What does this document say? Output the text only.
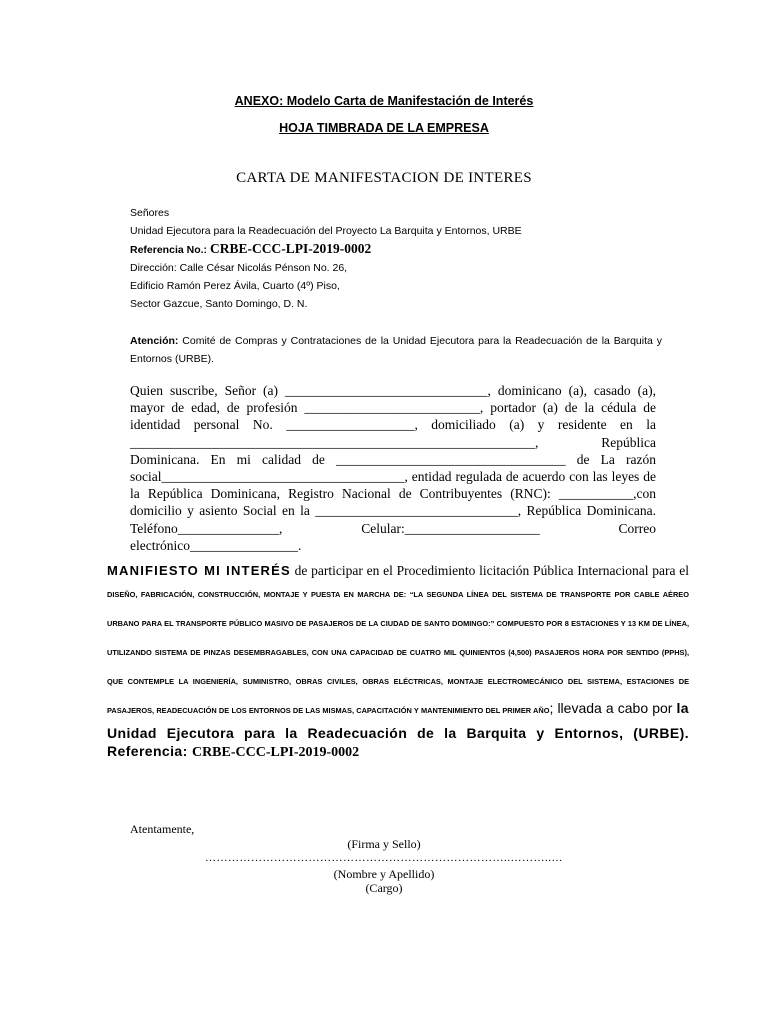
ANEXO: Modelo Carta de Manifestación de Interés
HOJA TIMBRADA DE LA EMPRESA
CARTA DE MANIFESTACION DE INTERES
Señores
Unidad Ejecutora para la Readecuación del Proyecto La Barquita y Entornos, URBE
Referencia No.: CRBE-CCC-LPI-2019-0002
Dirección: Calle César Nicolás Pénson No. 26,
Edificio Ramón Perez Ávila, Cuarto (4º) Piso,
Sector Gazcue, Santo Domingo, D. N.
Atención: Comité de Compras y Contrataciones de la Unidad Ejecutora para la Readecuación de la Barquita y Entornos (URBE).
Quien suscribe, Señor (a) ______________________________, dominicano (a), casado (a), mayor de edad, de profesión __________________________, portador (a) de la cédula de identidad personal No. ___________________, domiciliado (a) y residente en la ____________________________________________________________, República Dominicana. En mi calidad de __________________________________ de La razón social____________________________________, entidad regulada de acuerdo con las leyes de la República Dominicana, Registro Nacional de Contribuyentes (RNC): ___________,con domicilio y asiento Social en la ______________________________, República Dominicana. Teléfono_______________, Celular:____________________ Correo electrónico________________.
MANIFIESTO MI INTERÉS de participar en el Procedimiento licitación Pública Internacional para el DISEÑO, FABRICACIÓN, CONSTRUCCIÓN, MONTAJE Y PUESTA EN MARCHA DE: “LA SEGUNDA LÍNEA DEL SISTEMA DE TRANSPORTE POR CABLE AÉREO URBANO PARA EL TRANSPORTE PÚBLICO MASIVO DE PASAJEROS DE LA CIUDAD DE SANTO DOMINGO:” COMPUESTO POR 8 ESTACIONES Y 13 KM DE LÍNEA, UTILIZANDO SISTEMA DE PINZAS DESEMBRAGABLES, CON UNA CAPACIDAD DE CUATRO MIL QUINIENTOS (4,500) PASAJEROS HORA POR SENTIDO (PPHS), QUE CONTEMPLE LA INGENIERÍA, SUMINISTRO, OBRAS CIVILES, OBRAS ELÉCTRICAS, MONTAJE ELECTROMECÁNICO DEL SISTEMA, ESTACIONES DE PASAJEROS, READECUACIÓN DE LOS ENTORNOS DE LAS MISMAS, CAPACITACIÓN Y MANTENIMIENTO DEL PRIMER AÑO; llevada a cabo por la Unidad Ejecutora para la Readecuación de la Barquita y Entornos, (URBE). Referencia: CRBE-CCC-LPI-2019-0002
Atentamente,
(Firma y Sello)
……………………………………………………………………..………..…
(Nombre y Apellido)
(Cargo)
